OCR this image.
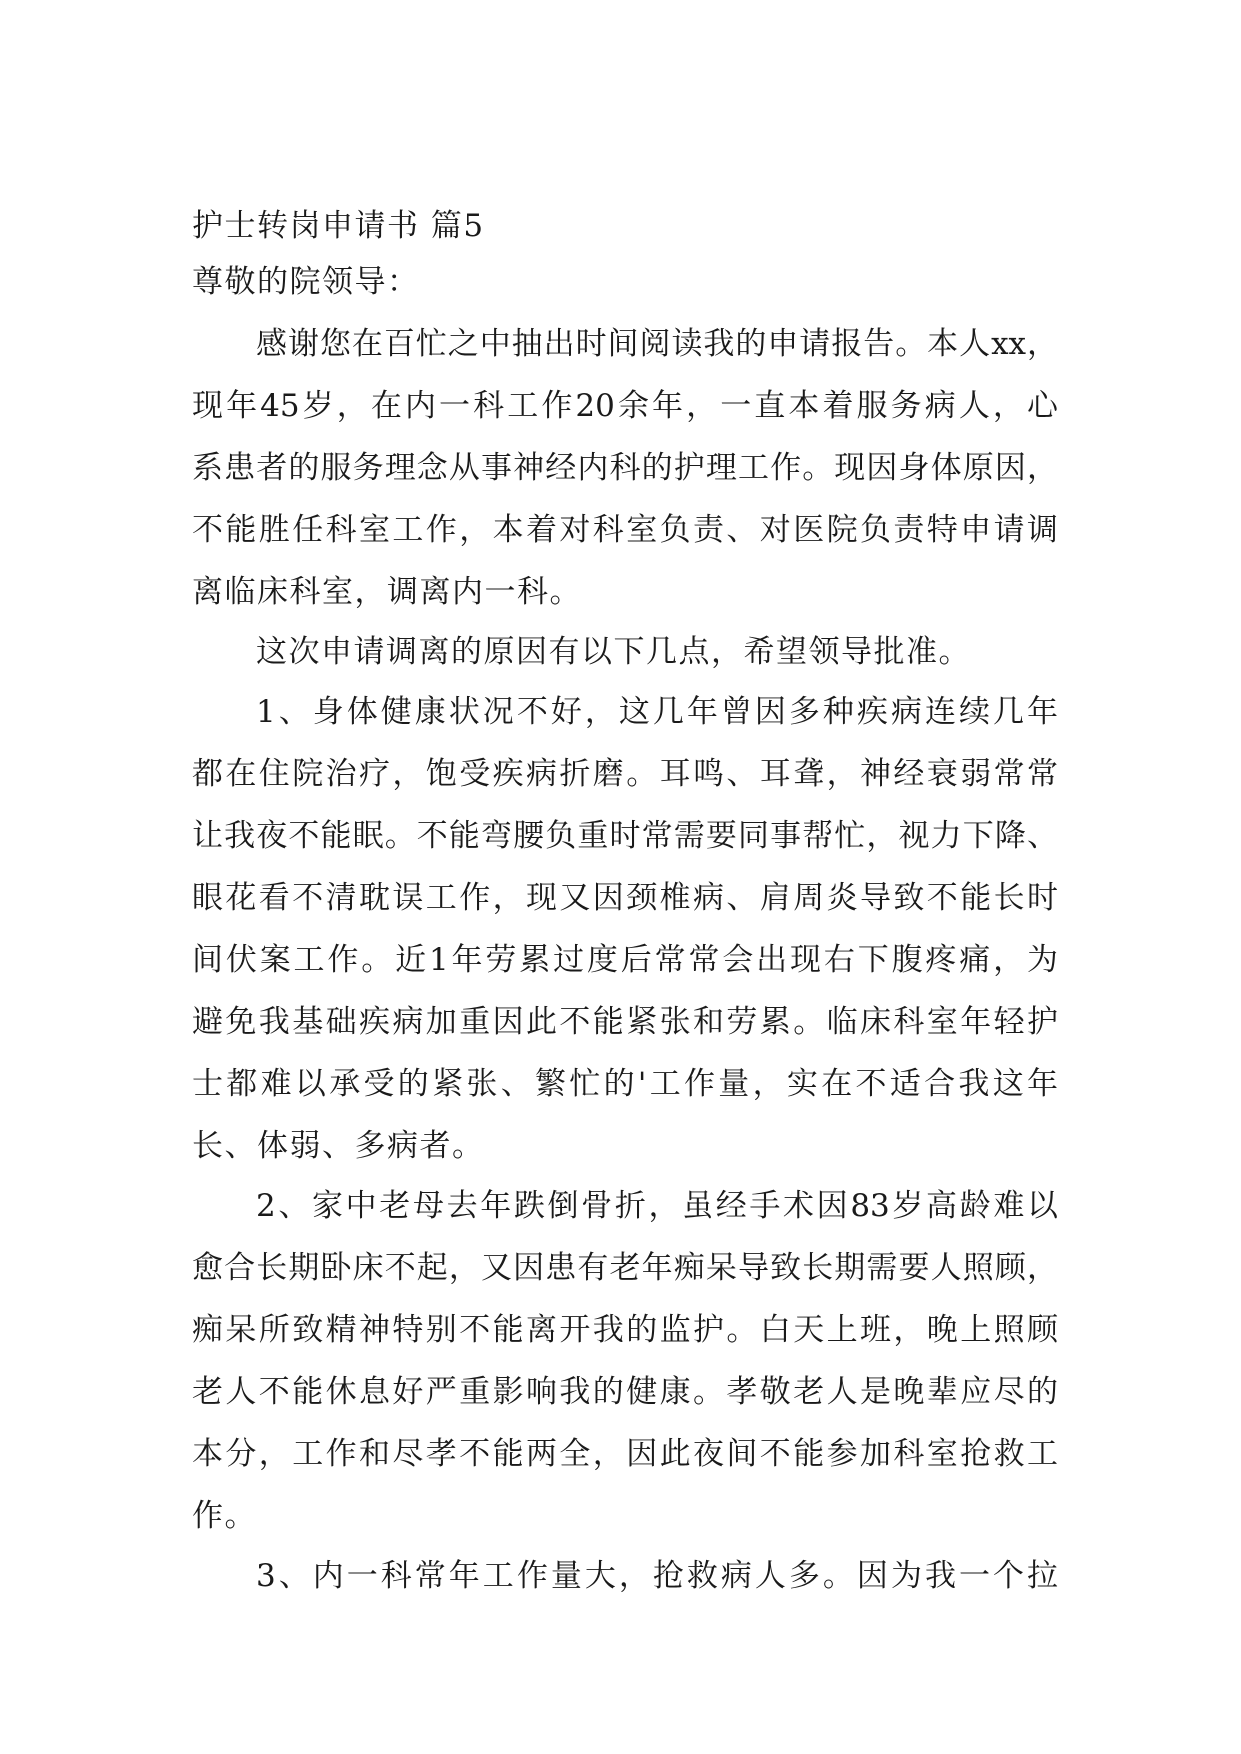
护士转岗申请书 篇5
尊敬的院领导：
感谢您在百忙之中抽出时间阅读我的申请报告。本人xx，
现年45岁，在内一科工作20余年，一直本着服务病人，心
系患者的服务理念从事神经内科的护理工作。现因身体原因，
不能胜任科室工作，本着对科室负责、对医院负责特申请调
离临床科室，调离内一科。
这次申请调离的原因有以下几点，希望领导批准。
1、身体健康状况不好，这几年曾因多种疾病连续几年
都在住院治疗，饱受疾病折磨。耳鸣、耳聋，神经衰弱常常
让我夜不能眠。不能弯腰负重时常需要同事帮忙，视力下降、
眼花看不清耽误工作，现又因颈椎病、肩周炎导致不能长时
间伏案工作。近1年劳累过度后常常会出现右下腹疼痛，为
避免我基础疾病加重因此不能紧张和劳累。临床科室年轻护
士都难以承受的紧张、繁忙的'工作量，实在不适合我这年
长、体弱、多病者。
2、家中老母去年跌倒骨折，虽经手术因83岁高龄难以
愈合长期卧床不起，又因患有老年痴呆导致长期需要人照顾，
痴呆所致精神特别不能离开我的监护。白天上班，晚上照顾
老人不能休息好严重影响我的健康。孝敬老人是晚辈应尽的
本分，工作和尽孝不能两全，因此夜间不能参加科室抢救工
作。
3、内一科常年工作量大，抢救病人多。因为我一个拉
